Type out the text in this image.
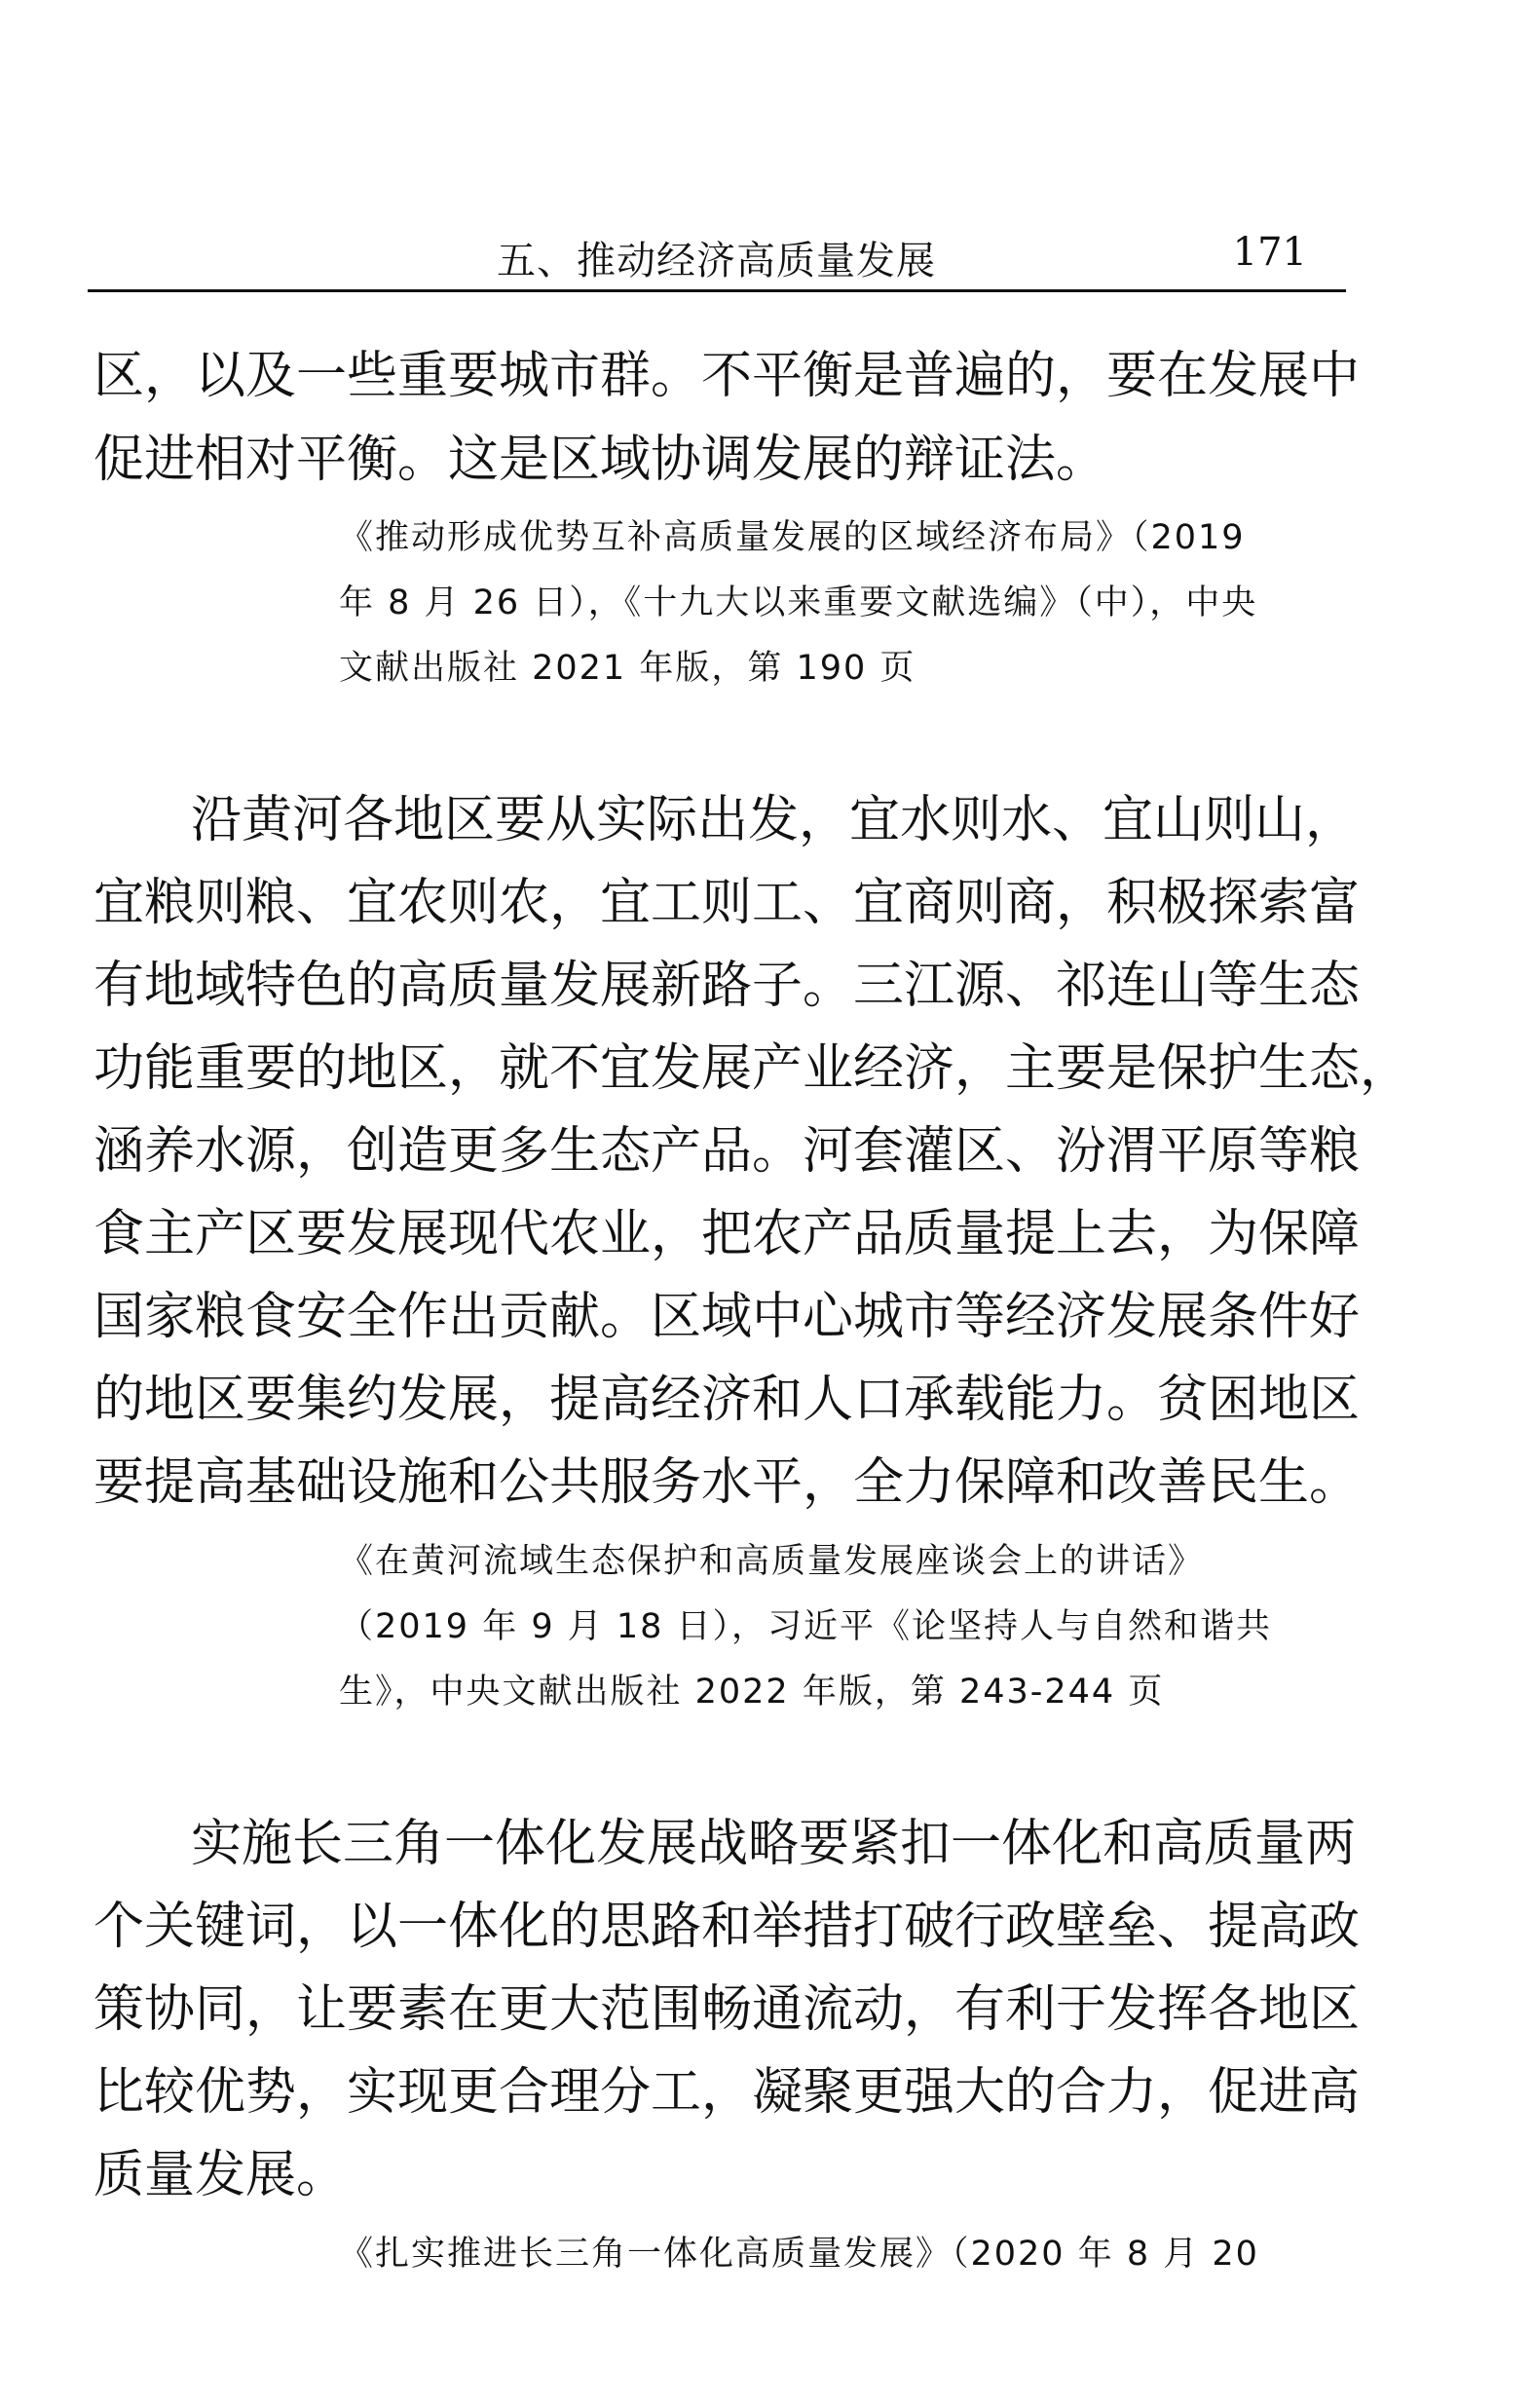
五、推动经济高质量发展	171
区，以及一些重要城市群。不平衡是普遍的，要在发展中
促进相对平衡。这是区域协调发展的辩证法。
《推动形成优势互补高质量发展的区域经济布局》（2019
年 8 月 26 日），《十九大以来重要文献选编》（中），中央
文献出版社 2021 年版，第 190 页
沿黄河各地区要从实际出发，宜水则水、宜山则山，
宜粮则粮、宜农则农，宜工则工、宜商则商，积极探索富
有地域特色的高质量发展新路子。三江源、祁连山等生态
功能重要的地区，就不宜发展产业经济，主要是保护生态，
涵养水源，创造更多生态产品。河套灌区、汾渭平原等粮
食主产区要发展现代农业，把农产品质量提上去，为保障
国家粮食安全作出贡献。区域中心城市等经济发展条件好
的地区要集约发展，提高经济和人口承载能力。贫困地区
要提高基础设施和公共服务水平，全力保障和改善民生。
《在黄河流域生态保护和高质量发展座谈会上的讲话》
（2019 年 9 月 18 日），习近平《论坚持人与自然和谐共
生》，中央文献出版社 2022 年版，第 243-244 页
实施长三角一体化发展战略要紧扣一体化和高质量两
个关键词，以一体化的思路和举措打破行政壁垒、提高政
策协同，让要素在更大范围畅通流动，有利于发挥各地区
比较优势，实现更合理分工，凝聚更强大的合力，促进高
质量发展。
《扎实推进长三角一体化高质量发展》（2020 年 8 月 20
